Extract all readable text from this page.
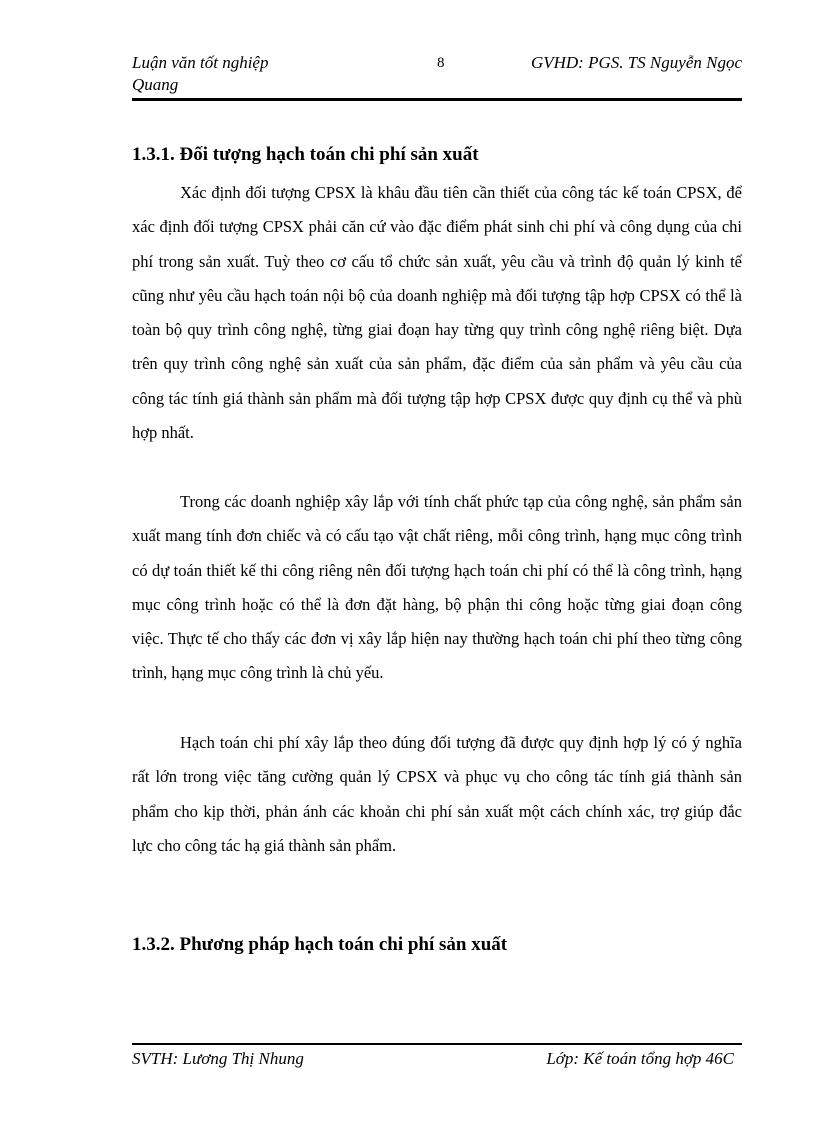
Luận văn tốt nghiệp Quang
8	GVHD: PGS. TS Nguyễn Ngọc
1.3.1. Đối tượng hạch toán chi phí sản xuất

Xác định đối tượng CPSX là khâu đầu tiên cần thiết của công tác kế toán CPSX, để xác định đối tượng CPSX phải căn cứ vào đặc điểm phát sinh chi phí và công dụng của chi phí trong sản xuất. Tuỳ theo cơ cấu tổ chức sản xuất, yêu cầu và trình độ quản lý kinh tế cũng như yêu cầu hạch toán nội bộ của doanh nghiệp mà đối tượng tập hợp CPSX có thể là toàn bộ quy trình công nghệ, từng giai đoạn hay từng quy trình công nghệ riêng biệt. Dựa trên quy trình công nghệ sản xuất của sản phẩm, đặc điểm của sản phẩm và yêu cầu của công tác tính giá thành sản phẩm mà đối tượng tập hợp CPSX được quy định cụ thể và phù hợp nhất.

Trong các doanh nghiệp xây lắp với tính chất phức tạp của công nghệ, sản phẩm sản xuất mang tính đơn chiếc và có cấu tạo vật chất riêng, mỗi công trình, hạng mục công trình có dự toán thiết kế thi công riêng nên đối tượng hạch toán chi phí có thể là công trình, hạng mục công trình hoặc có thể là đơn đặt hàng, bộ phận thi công hoặc từng giai đoạn công việc. Thực tế cho thấy các đơn vị xây lắp hiện nay thường hạch toán chi phí theo từng công trình, hạng mục công trình là chủ yếu.

Hạch toán chi phí xây lắp theo đúng đối tượng đã được quy định hợp lý có ý nghĩa rất lớn trong việc tăng cường quản lý CPSX và phục vụ cho công tác tính giá thành sản phẩm cho kịp thời, phản ánh các khoản chi phí sản xuất một cách chính xác, trợ giúp đắc lực cho công tác hạ giá thành sản phẩm.

1.3.2. Phương pháp hạch toán chi phí sản xuất
SVTH: Lương Thị Nhung	Lớp: Kế toán tổng hợp 46C
